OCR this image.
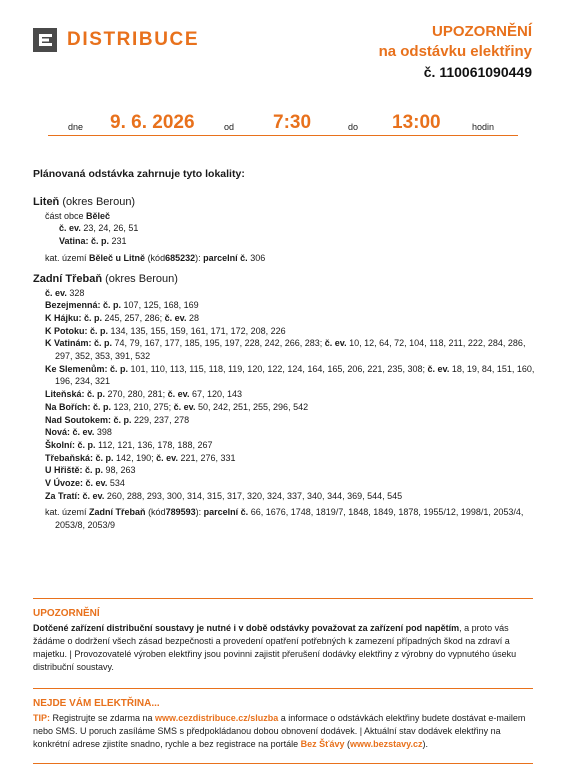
DISTRIBUCE	UPOZORNĚNÍ
na odstávku elektřiny
č. 110061090449
dne 9. 6. 2026	od 7:30	do 13:00	hodin
Plánovaná odstávka zahrnuje tyto lokality:
Liteň (okres Beroun)
část obce Běleč
č. ev. 23, 24, 26, 51
Vatina: č. p. 231
kat. území Běleč u Litně (kód685232): parcelní č. 306
Zadní Třebaň (okres Beroun)
č. ev. 328
Bezejmenná: č. p. 107, 125, 168, 169
K Hájku: č. p. 245, 257, 286; č. ev. 28
K Potoku: č. p. 134, 135, 155, 159, 161, 171, 172, 208, 226
K Vatinám: č. p. 74, 79, 167, 177, 185, 195, 197, 228, 242, 266, 283; č. ev. 10, 12, 64, 72, 104, 118, 211, 222, 284, 286, 297, 352, 353, 391, 532
Ke Slemenům: č. p. 101, 110, 113, 115, 118, 119, 120, 122, 124, 164, 165, 206, 221, 235, 308; č. ev. 18, 19, 84, 151, 160, 196, 234, 321
Liteňská: č. p. 270, 280, 281; č. ev. 67, 120, 143
Na Bořích: č. p. 123, 210, 275; č. ev. 50, 242, 251, 255, 296, 542
Nad Soutokem: č. p. 229, 237, 278
Nová: č. ev. 398
Školní: č. p. 112, 121, 136, 178, 188, 267
Třebaňská: č. p. 142, 190; č. ev. 221, 276, 331
U Hřiště: č. p. 98, 263
V Úvoze: č. ev. 534
Za Tratí: č. ev. 260, 288, 293, 300, 314, 315, 317, 320, 324, 337, 340, 344, 369, 544, 545
kat. území Zadní Třebaň (kód789593): parcelní č. 66, 1676, 1748, 1819/7, 1848, 1849, 1878, 1955/12, 1998/1, 2053/4, 2053/8, 2053/9
UPOZORNĚNÍ
Dotčené zařízení distribuční soustavy je nutné i v době odstávky považovat za zařízení pod napětím, a proto vás žádáme o dodržení všech zásad bezpečnosti a provedení opatření potřebných k zamezení případných škod na zdraví a majetku. | Provozovatelé výroben elektřiny jsou povinni zajistit přerušení dodávky elektřiny z výrobny do vypnutého úseku distribuční soustavy.
NEJDE VÁM ELEKTŘINA...
TIP: Registrujte se zdarma na www.cezdistribuce.cz/sluzba a informace o odstávkách elektřiny budete dostávat e-mailem nebo SMS. U poruch zasíláme SMS s předpokládanou dobou obnovení dodávek. | Aktuální stav dodávek elektřiny na konkrétní adrese zjistíte snadno, rychle a bez registrace na portále Bez Šťávy (www.bezstavy.cz).
